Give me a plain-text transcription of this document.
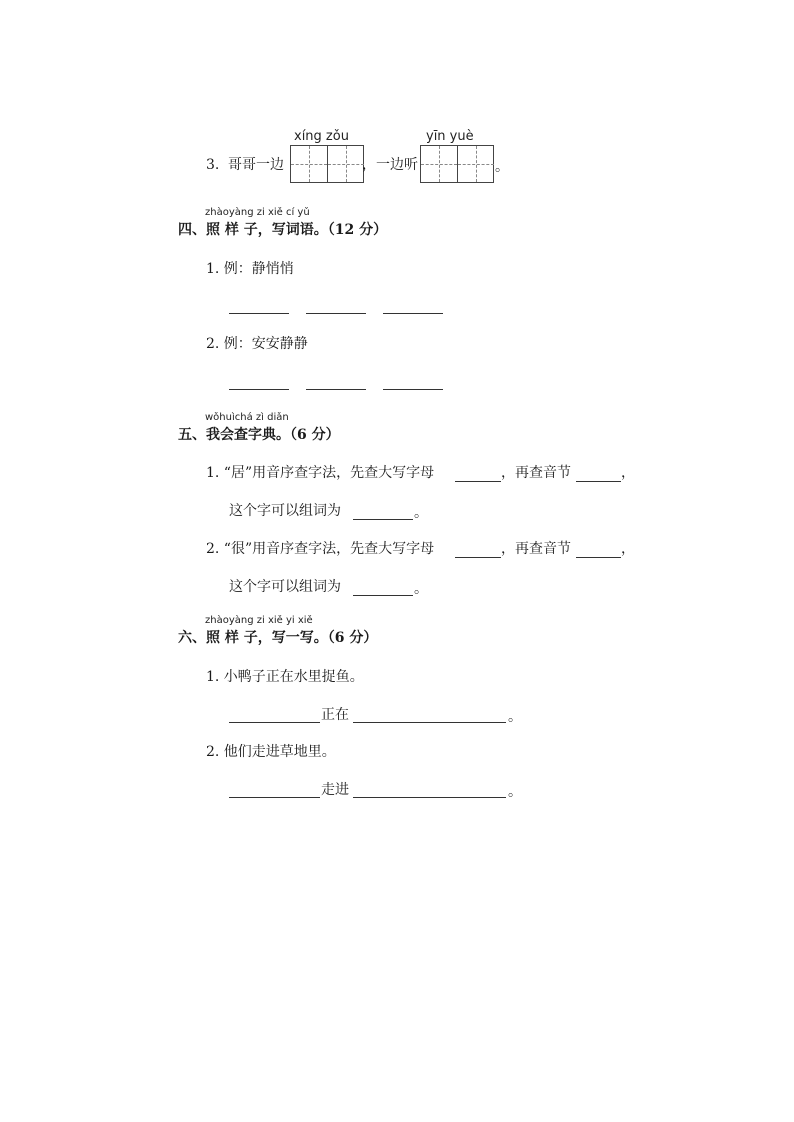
xíng zǒu	yīn yuè
3. 哥哥一边	，一边听	。
zhàoyàng zi xiě cí yǔ
四、照 样 子，写词语。（12 分）
1. 例：静悄悄
2. 例：安安静静
wǒhuìchá zì diǎn
五、我会查字典。（6 分）
1. “居”用音序查字法，先查大写字母	，再查音节	，
这个字可以组词为	。
2. “很”用音序查字法，先查大写字母	，再查音节	，
这个字可以组词为	。
zhàoyàng zi xiě yi xiě
六、照 样 子，写一写。（6 分）
1. 小鸭子正在水里捉鱼。
正在	。
2. 他们走进草地里。
走进	。
